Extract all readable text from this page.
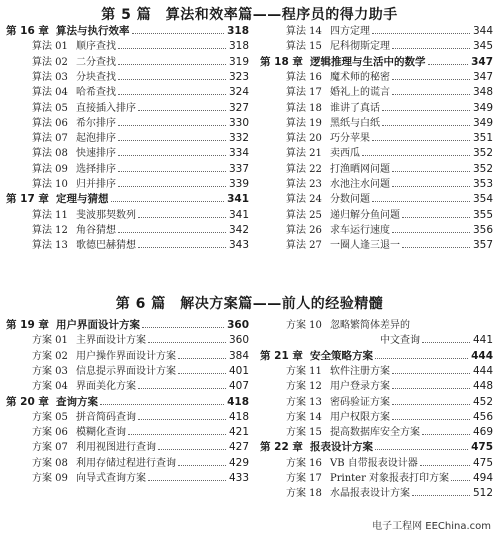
第 5 篇　算法和效率篇——程序员的得力助手
第 16 章 算法与执行效率	318
算法 01 顺序查找	318
算法 02 二分查找	319
算法 03 分块查找	323
算法 04 哈希查找	324
算法 05 直接插入排序	327
算法 06 希尔排序	330
算法 07 起泡排序	332
算法 08 快速排序	334
算法 09 选择排序	337
算法 10 归并排序	339
第 17 章 定理与猜想	341
算法 11 斐波那契数列	341
算法 12 角谷猜想	342
算法 13 歌德巴赫猜想	343
算法 14 四方定理	344
算法 15 尼科彻斯定理	345
第 18 章 逻辑推理与生活中的数学	347
算法 16 魔术师的秘密	347
算法 17 婚礼上的谎言	348
算法 18 谁讲了真话	349
算法 19 黑纸与白纸	349
算法 20 巧分苹果	351
算法 21 卖西瓜	352
算法 22 打渔晒网问题	352
算法 23 水池注水问题	353
算法 24 分数问题	354
算法 25 递归解分鱼问题	355
算法 26 求车运行速度	356
算法 27 一圈人逢三退一	357
第 6 篇　解决方案篇——前人的经验精髓
第 19 章 用户界面设计方案	360
方案 01 主界面设计方案	360
方案 02 用户操作界面设计方案	384
方案 03 信息提示界面设计方案	401
方案 04 界面美化方案	407
第 20 章 查询方案	418
方案 05 拼音简码查询	418
方案 06 模糊化查询	421
方案 07 利用视图进行查询	427
方案 08 利用存储过程进行查询	429
方案 09 向导式查询方案	433
方案 10 忽略繁简体差异的
中文查询	441
第 21 章 安全策略方案	444
方案 11 软件注册方案	444
方案 12 用户登录方案	448
方案 13 密码验证方案	452
方案 14 用户权限方案	456
方案 15 提高数据库安全方案	469
第 22 章 报表设计方案	475
方案 16 VB 自带报表设计器	475
方案 17 Printer 对象报表打印方案 494
方案 18 水晶报表设计方案	512
电子工程网 EEChina.com
